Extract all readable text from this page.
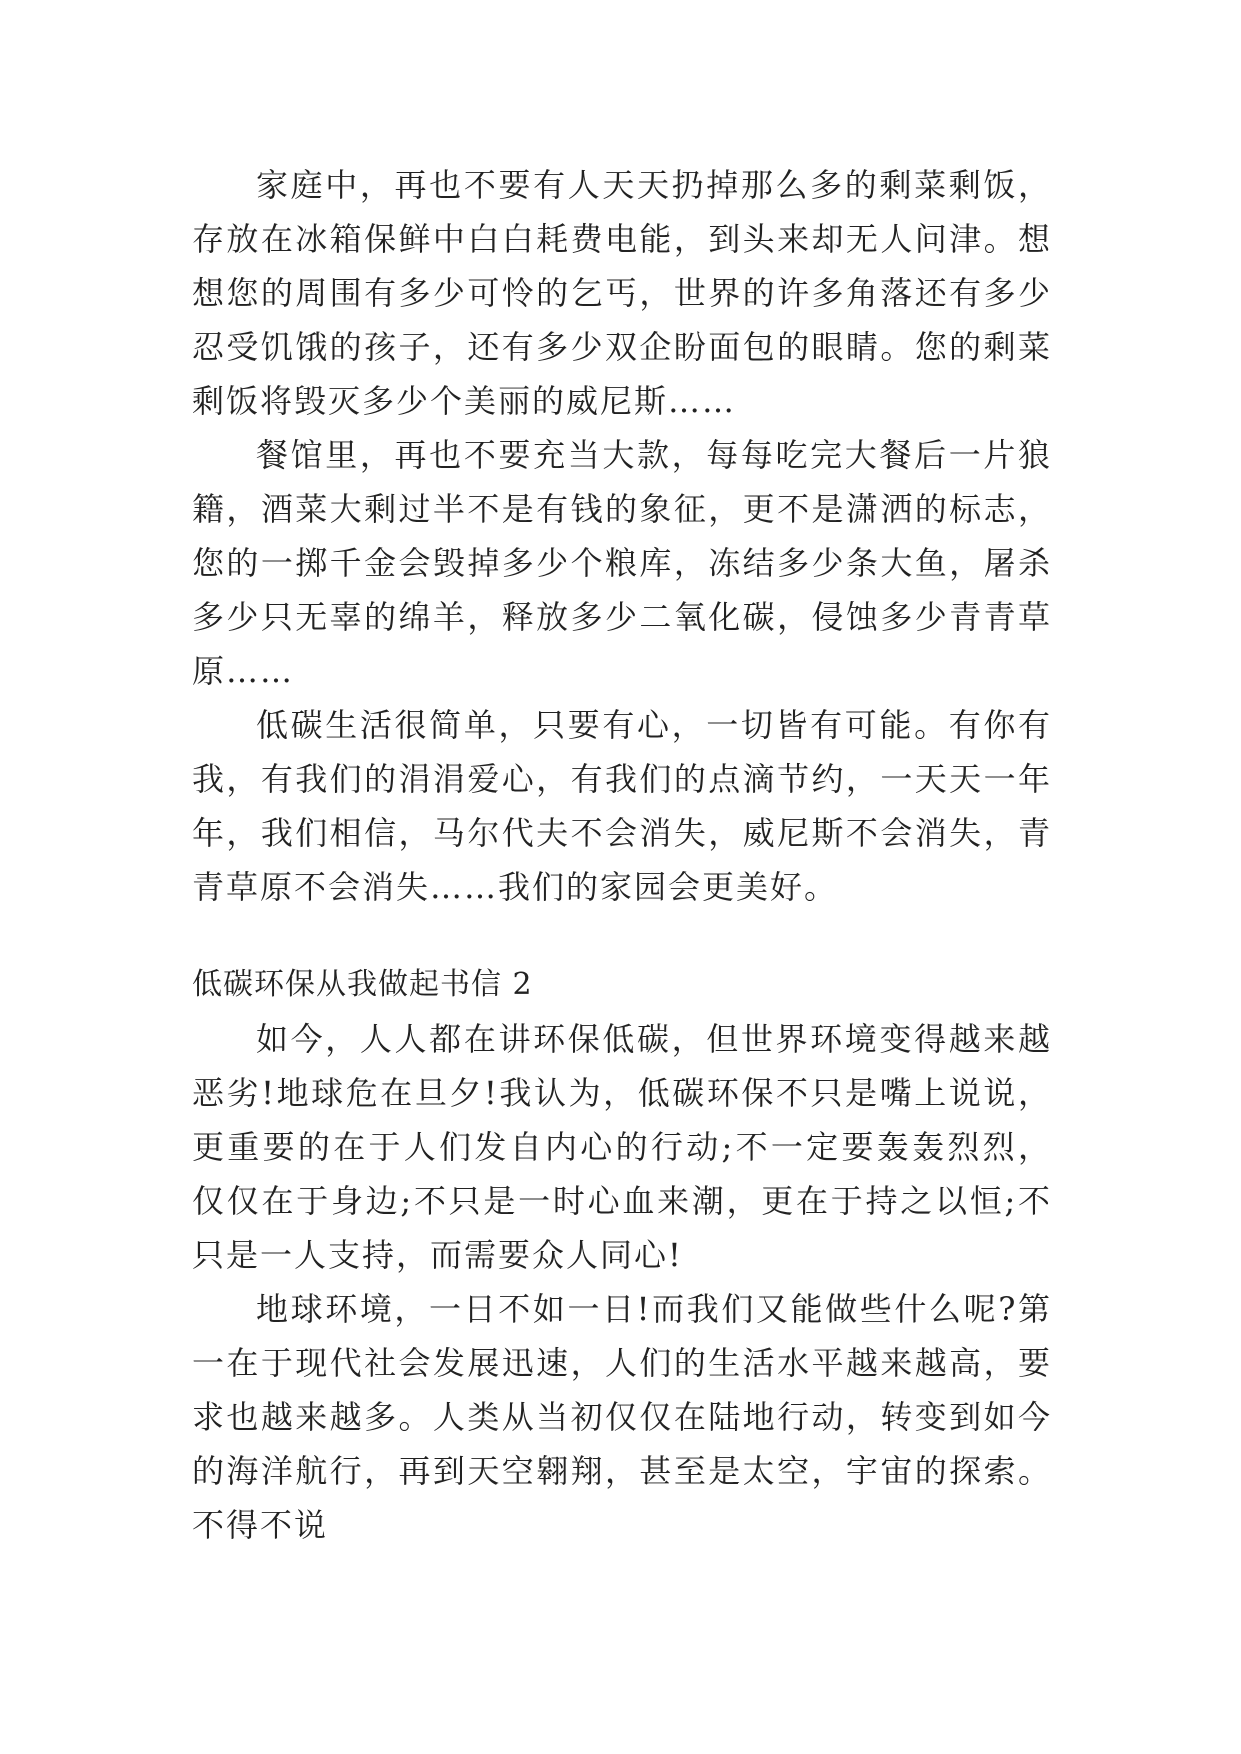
家庭中，再也不要有人天天扔掉那么多的剩菜剩饭，存放在冰箱保鲜中白白耗费电能，到头来却无人问津。想想您的周围有多少可怜的乞丐，世界的许多角落还有多少忍受饥饿的孩子，还有多少双企盼面包的眼睛。您的剩菜剩饭将毁灭多少个美丽的威尼斯……

餐馆里，再也不要充当大款，每每吃完大餐后一片狼籍，酒菜大剩过半不是有钱的象征，更不是潇洒的标志，您的一掷千金会毁掉多少个粮库，冻结多少条大鱼，屠杀多少只无辜的绵羊，释放多少二氧化碳，侵蚀多少青青草原……

低碳生活很简单，只要有心，一切皆有可能。有你有我，有我们的涓涓爱心，有我们的点滴节约，一天天一年年，我们相信，马尔代夫不会消失，威尼斯不会消失，青青草原不会消失……我们的家园会更美好。

低碳环保从我做起书信 2

如今，人人都在讲环保低碳，但世界环境变得越来越恶劣!地球危在旦夕!我认为，低碳环保不只是嘴上说说，更重要的在于人们发自内心的行动;不一定要轰轰烈烈，仅仅在于身边;不只是一时心血来潮，更在于持之以恒;不只是一人支持，而需要众人同心!

地球环境，一日不如一日!而我们又能做些什么呢?第一在于现代社会发展迅速，人们的生活水平越来越高，要求也越来越多。人类从当初仅仅在陆地行动，转变到如今的海洋航行，再到天空翱翔，甚至是太空，宇宙的探索。不得不说
